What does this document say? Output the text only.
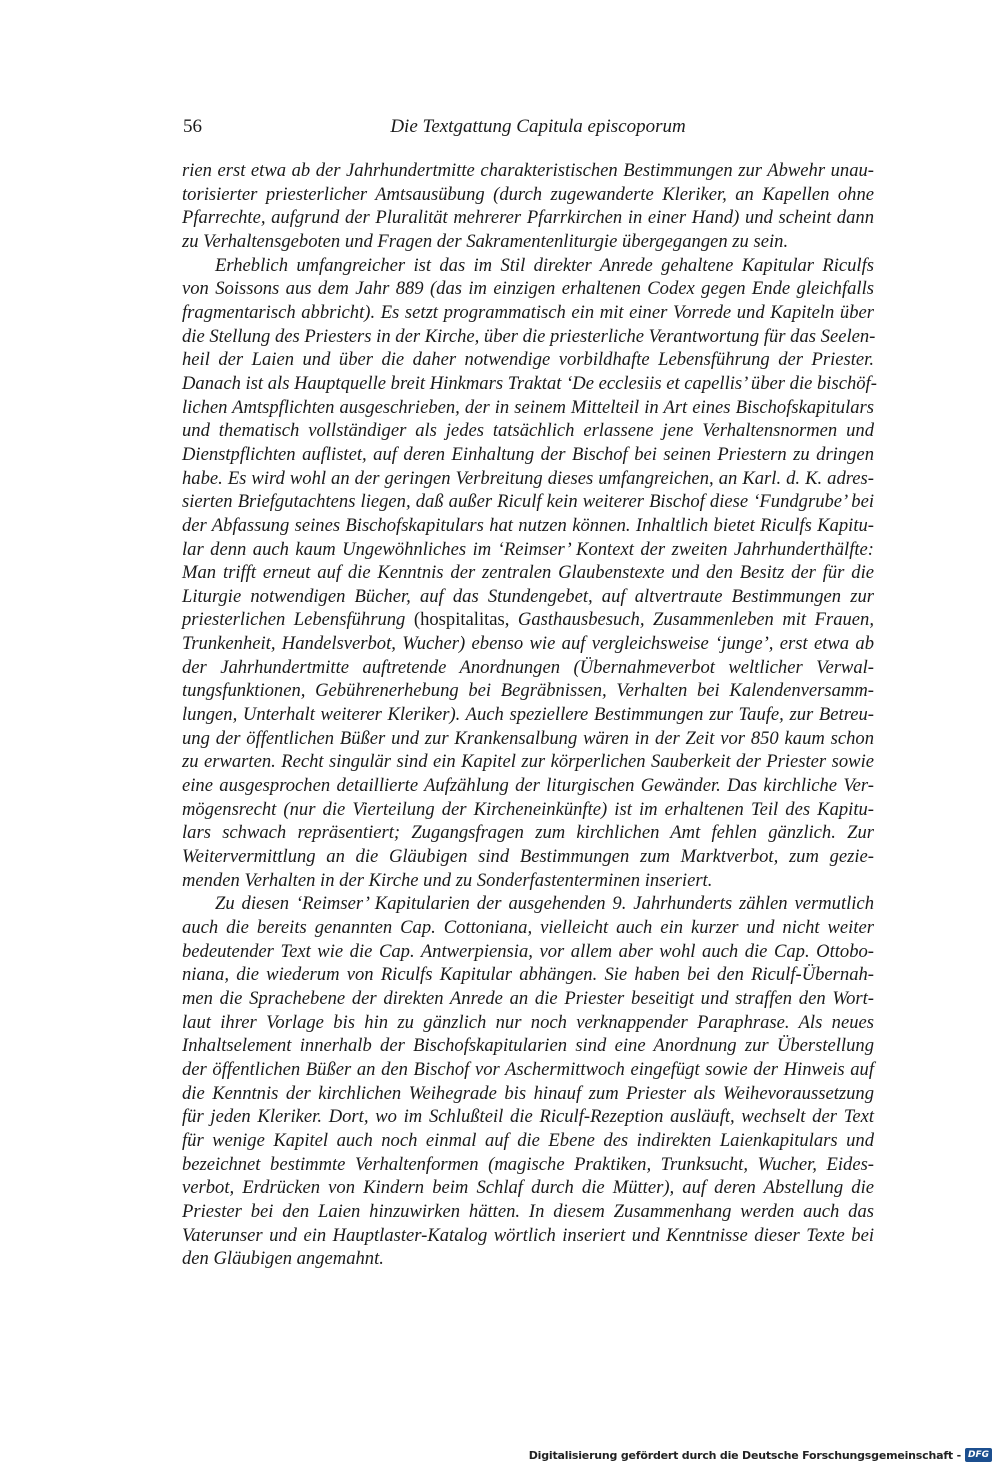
56	Die Textgattung Capitula episcoporum
rien erst etwa ab der Jahrhundertmitte charakteristischen Bestimmungen zur Abwehr unau-
torisierter priesterlicher Amtsausübung (durch zugewanderte Kleriker, an Kapellen ohne
Pfarrechte, aufgrund der Pluralität mehrerer Pfarrkirchen in einer Hand) und scheint dann
zu Verhaltensgeboten und Fragen der Sakramentenliturgie übergegangen zu sein.
Erheblich umfangreicher ist das im Stil direkter Anrede gehaltene Kapitular Riculfs
von Soissons aus dem Jahr 889 (das im einzigen erhaltenen Codex gegen Ende gleichfalls
fragmentarisch abbricht). Es setzt programmatisch ein mit einer Vorrede und Kapiteln über
die Stellung des Priesters in der Kirche, über die priesterliche Verantwortung für das Seelen-
heil der Laien und über die daher notwendige vorbildhafte Lebensführung der Priester.
Danach ist als Hauptquelle breit Hinkmars Traktat ‘De ecclesiis et capellis’ über die bischöf-
lichen Amtspflichten ausgeschrieben, der in seinem Mittelteil in Art eines Bischofskapitulars
und thematisch vollständiger als jedes tatsächlich erlassene jene Verhaltensnormen und
Dienstpflichten auflistet, auf deren Einhaltung der Bischof bei seinen Priestern zu dringen
habe. Es wird wohl an der geringen Verbreitung dieses umfangreichen, an Karl. d. K. adres-
sierten Briefgutachtens liegen, daß außer Riculf kein weiterer Bischof diese ‘Fundgrube’ bei
der Abfassung seines Bischofskapitulars hat nutzen können. Inhaltlich bietet Riculfs Kapitu-
lar denn auch kaum Ungewöhnliches im ‘Reimser’ Kontext der zweiten Jahrhunderthälfte:
Man trifft erneut auf die Kenntnis der zentralen Glaubenstexte und den Besitz der für die
Liturgie notwendigen Bücher, auf das Stundengebet, auf altvertraute Bestimmungen zur
priesterlichen Lebensführung (hospitalitas, Gasthausbesuch, Zusammenleben mit Frauen,
Trunkenheit, Handelsverbot, Wucher) ebenso wie auf vergleichsweise ‘junge’, erst etwa ab
der Jahrhundertmitte auftretende Anordnungen (Übernahmeverbot weltlicher Verwal-
tungsfunktionen, Gebührenerhebung bei Begräbnissen, Verhalten bei Kalendenversamm-
lungen, Unterhalt weiterer Kleriker). Auch speziellere Bestimmungen zur Taufe, zur Betreu-
ung der öffentlichen Büßer und zur Krankensalbung wären in der Zeit vor 850 kaum schon
zu erwarten. Recht singulär sind ein Kapitel zur körperlichen Sauberkeit der Priester sowie
eine ausgesprochen detaillierte Aufzählung der liturgischen Gewänder. Das kirchliche Ver-
mögensrecht (nur die Vierteilung der Kircheneinkünfte) ist im erhaltenen Teil des Kapitu-
lars schwach repräsentiert; Zugangsfragen zum kirchlichen Amt fehlen gänzlich. Zur
Weitervermittlung an die Gläubigen sind Bestimmungen zum Marktverbot, zum gezie-
menden Verhalten in der Kirche und zu Sonderfastenterminen inseriert.
Zu diesen ‘Reimser’ Kapitularien der ausgehenden 9. Jahrhunderts zählen vermutlich
auch die bereits genannten Cap. Cottoniana, vielleicht auch ein kurzer und nicht weiter
bedeutender Text wie die Cap. Antwerpiensia, vor allem aber wohl auch die Cap. Ottobo-
niana, die wiederum von Riculfs Kapitular abhängen. Sie haben bei den Riculf-Übernah-
men die Sprachebene der direkten Anrede an die Priester beseitigt und straffen den Wort-
laut ihrer Vorlage bis hin zu gänzlich nur noch verknappender Paraphrase. Als neues
Inhaltselement innerhalb der Bischofskapitularien sind eine Anordnung zur Überstellung
der öffentlichen Büßer an den Bischof vor Aschermittwoch eingefügt sowie der Hinweis auf
die Kenntnis der kirchlichen Weihegrade bis hinauf zum Priester als Weihevoraussetzung
für jeden Kleriker. Dort, wo im Schlußteil die Riculf-Rezeption ausläuft, wechselt der Text
für wenige Kapitel auch noch einmal auf die Ebene des indirekten Laienkapitulars und
bezeichnet bestimmte Verhaltenformen (magische Praktiken, Trunksucht, Wucher, Eides-
verbot, Erdrücken von Kindern beim Schlaf durch die Mütter), auf deren Abstellung die
Priester bei den Laien hinzuwirken hätten. In diesem Zusammenhang werden auch das
Vaterunser und ein Hauptlaster-Katalog wörtlich inseriert und Kenntnisse dieser Texte bei
den Gläubigen angemahnt.
Digitalisierung gefördert durch die Deutsche Forschungsgemeinschaft - DFG
